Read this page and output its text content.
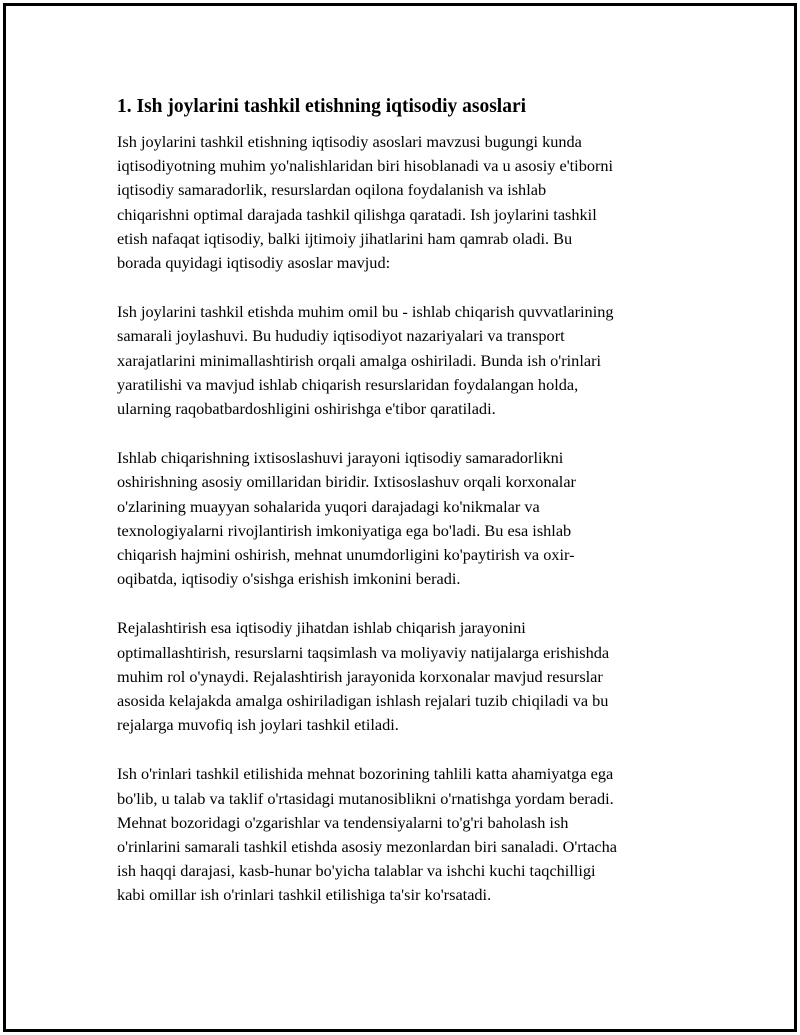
1. Ish joylarini tashkil etishning iqtisodiy asoslari

Ish joylarini tashkil etishning iqtisodiy asoslari mavzusi bugungi kunda
iqtisodiyotning muhim yo'nalishlaridan biri hisoblanadi va u asosiy e'tiborni
iqtisodiy samaradorlik, resurslardan oqilona foydalanish va ishlab
chiqarishni optimal darajada tashkil qilishga qaratadi. Ish joylarini tashkil
etish nafaqat iqtisodiy, balki ijtimoiy jihatlarini ham qamrab oladi. Bu
borada quyidagi iqtisodiy asoslar mavjud:

Ish joylarini tashkil etishda muhim omil bu - ishlab chiqarish quvvatlarining
samarali joylashuvi. Bu hududiy iqtisodiyot nazariyalari va transport
xarajatlarini minimallashtirish orqali amalga oshiriladi. Bunda ish o'rinlari
yaratilishi va mavjud ishlab chiqarish resurslaridan foydalangan holda,
ularning raqobatbardoshligini oshirishga e'tibor qaratiladi.

Ishlab chiqarishning ixtisoslashuvi jarayoni iqtisodiy samaradorlikni
oshirishning asosiy omillaridan biridir. Ixtisoslashuv orqali korxonalar
o'zlarining muayyan sohalarida yuqori darajadagi ko'nikmalar va
texnologiyalarni rivojlantirish imkoniyatiga ega bo'ladi. Bu esa ishlab
chiqarish hajmini oshirish, mehnat unumdorligini ko'paytirish va oxir-
oqibatda, iqtisodiy o'sishga erishish imkonini beradi.

Rejalashtirish esa iqtisodiy jihatdan ishlab chiqarish jarayonini
optimallashtirish, resurslarni taqsimlash va moliyaviy natijalarga erishishda
muhim rol o'ynaydi. Rejalashtirish jarayonida korxonalar mavjud resurslar
asosida kelajakda amalga oshiriladigan ishlash rejalari tuzib chiqiladi va bu
rejalarga muvofiq ish joylari tashkil etiladi.

Ish o'rinlari tashkil etilishida mehnat bozorining tahlili katta ahamiyatga ega
bo'lib, u talab va taklif o'rtasidagi mutanosiblikni o'rnatishga yordam beradi.
Mehnat bozoridagi o'zgarishlar va tendensiyalarni to'g'ri baholash ish
o'rinlarini samarali tashkil etishda asosiy mezonlardan biri sanaladi. O'rtacha
ish haqqi darajasi, kasb-hunar bo'yicha talablar va ishchi kuchi taqchilligi
kabi omillar ish o'rinlari tashkil etilishiga ta'sir ko'rsatadi.
